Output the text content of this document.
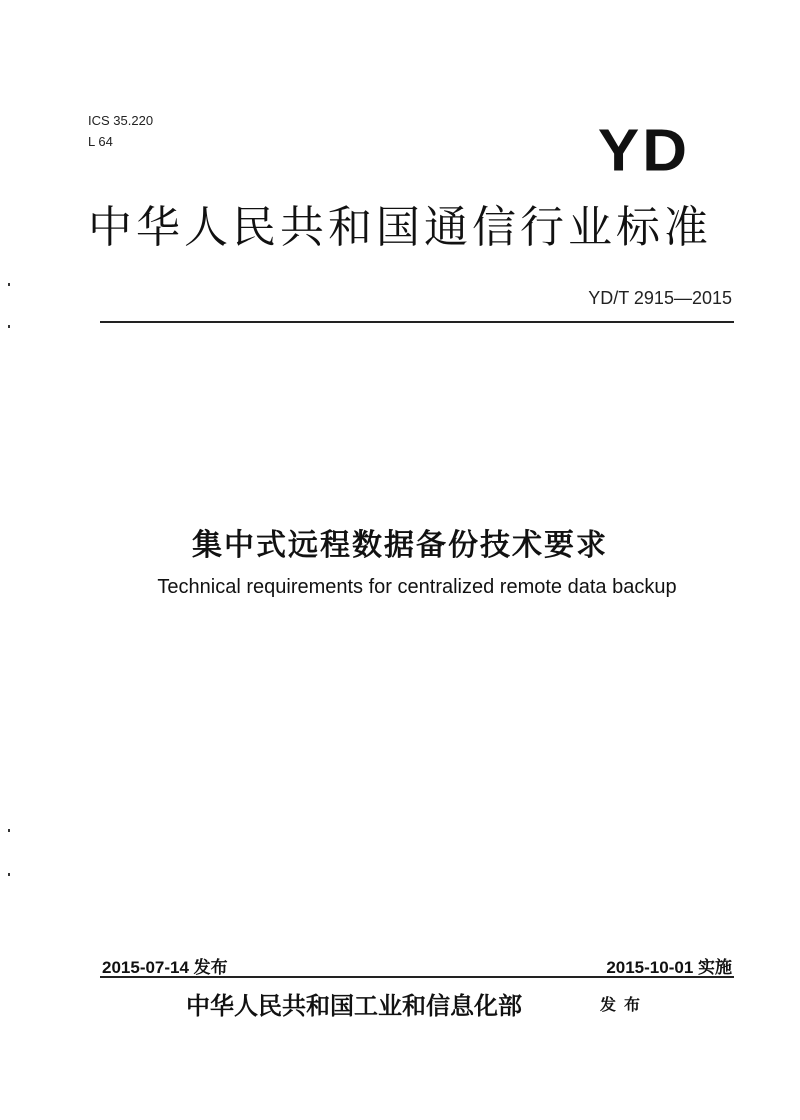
ICS 35.220
L 64	YD
中华人民共和国通信行业标准
YD/T 2915—2015
集中式远程数据备份技术要求
Technical requirements for centralized remote data backup
2015-07-14 发布	2015-10-01 实施
中华人民共和国工业和信息化部	发布
